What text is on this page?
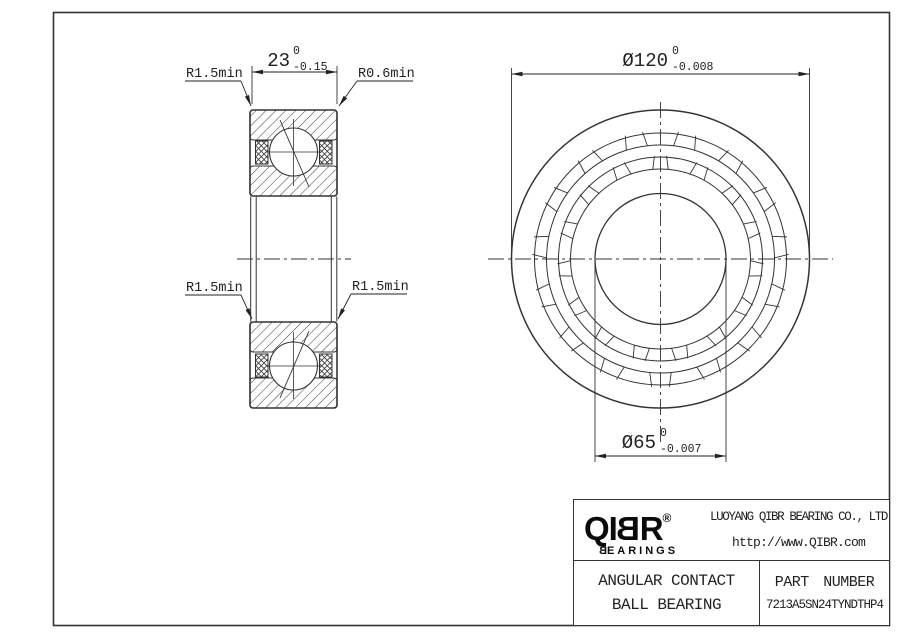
23 0
-0.15
R1.5min	R0.6min
R1.5min	R1.5min
Ø120 0
-0.008
Ø65 0
-0.007
QIBR®
BEARINGS
LUOYANG QIBR BEARING CO., LTD
http://www.QIBR.com
ANGULAR CONTACT
BALL BEARING
PART NUMBER
7213A5SN24TYNDTHP4
